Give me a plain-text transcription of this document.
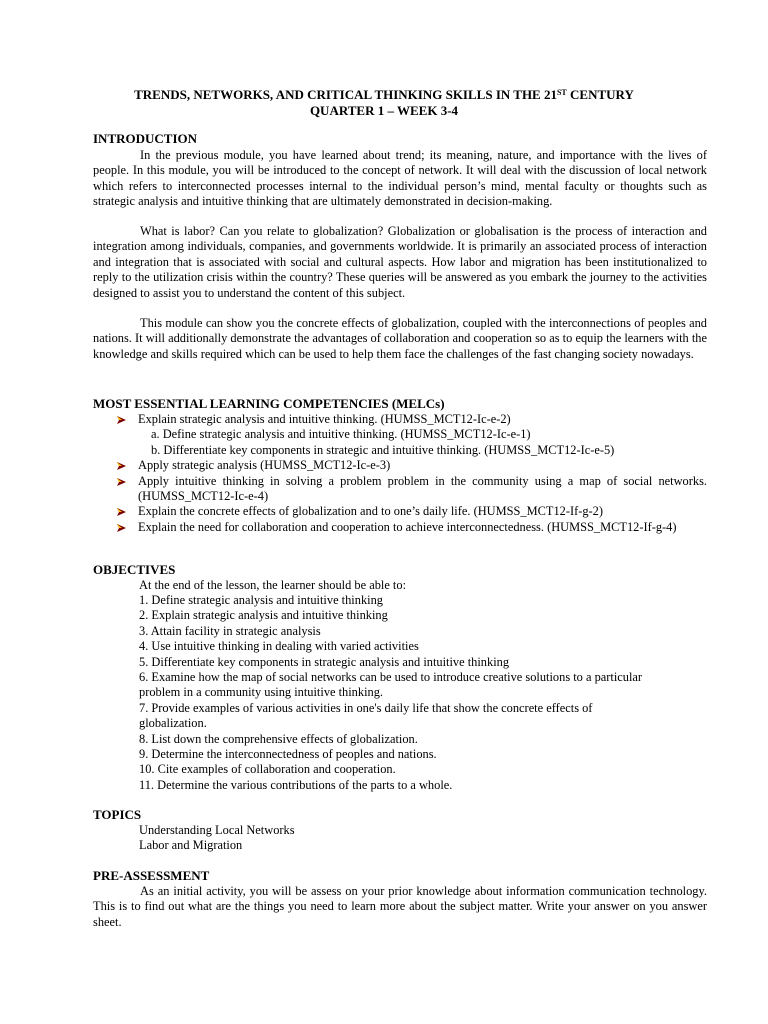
TRENDS, NETWORKS, AND CRITICAL THINKING SKILLS IN THE 21ST CENTURY
QUARTER 1 – WEEK 3-4
INTRODUCTION

In the previous module, you have learned about trend; its meaning, nature, and importance with the lives of people. In this module, you will be introduced to the concept of network. It will deal with the discussion of local network which refers to interconnected processes internal to the individual person’s mind, mental faculty or thoughts such as strategic analysis and intuitive thinking that are ultimately demonstrated in decision-making.

What is labor? Can you relate to globalization? Globalization or globalisation is the process of interaction and integration among individuals, companies, and governments worldwide. It is primarily an associated process of interaction and integration that is associated with social and cultural aspects. How labor and migration has been institutionalized to reply to the utilization crisis within the country? These queries will be answered as you embark the journey to the activities designed to assist you to understand the content of this subject.

This module can show you the concrete effects of globalization, coupled with the interconnections of peoples and nations. It will additionally demonstrate the advantages of collaboration and cooperation so as to equip the learners with the knowledge and skills required which can be used to help them face the challenges of the fast changing society nowadays.

MOST ESSENTIAL LEARNING COMPETENCIES (MELCs)
Explain strategic analysis and intuitive thinking. (HUMSS_MCT12-Ic-e-2)
a. Define strategic analysis and intuitive thinking. (HUMSS_MCT12-Ic-e-1)
b. Differentiate key components in strategic and intuitive thinking. (HUMSS_MCT12-Ic-e-5)
Apply strategic analysis (HUMSS_MCT12-Ic-e-3)
Apply intuitive thinking in solving a problem problem in the community using a map of social networks. (HUMSS_MCT12-Ic-e-4)
Explain the concrete effects of globalization and to one’s daily life. (HUMSS_MCT12-If-g-2)
Explain the need for collaboration and cooperation to achieve interconnectedness. (HUMSS_MCT12-If-g-4)
OBJECTIVES

At the end of the lesson, the learner should be able to:

1. Define strategic analysis and intuitive thinking
2. Explain strategic analysis and intuitive thinking
3. Attain facility in strategic analysis
4. Use intuitive thinking in dealing with varied activities
5. Differentiate key components in strategic analysis and intuitive thinking
6. Examine how the map of social networks can be used to introduce creative solutions to a particular problem in a community using intuitive thinking.
7. Provide examples of various activities in one's daily life that show the concrete effects of globalization.
8. List down the comprehensive effects of globalization.
9. Determine the interconnectedness of peoples and nations.
10. Cite examples of collaboration and cooperation.
11. Determine the various contributions of the parts to a whole.
TOPICS
Understanding Local Networks
Labor and Migration
PRE-ASSESSMENT

As an initial activity, you will be assess on your prior knowledge about information communication technology. This is to find out what are the things you need to learn more about the subject matter. Write your answer on you answer sheet.
